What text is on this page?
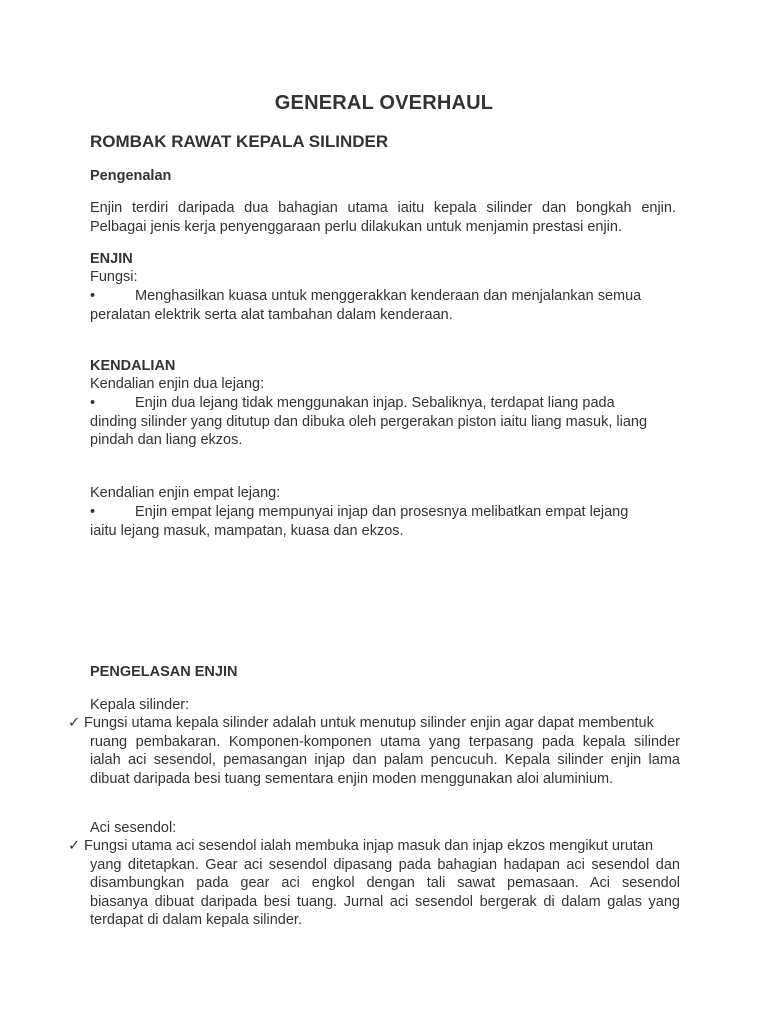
GENERAL OVERHAUL
ROMBAK RAWAT KEPALA SILINDER
Pengenalan
Enjin terdiri daripada dua bahagian utama iaitu kepala silinder dan bongkah enjin.
Pelbagai jenis kerja penyenggaraan perlu dilakukan untuk menjamin prestasi enjin.
ENJIN
Fungsi:
•	Menghasilkan kuasa untuk menggerakkan kenderaan dan menjalankan semua
peralatan elektrik serta alat tambahan dalam kenderaan.
KENDALIAN
Kendalian enjin dua lejang:
•	Enjin dua lejang tidak menggunakan injap. Sebaliknya, terdapat liang pada
dinding silinder yang ditutup dan dibuka oleh pergerakan piston iaitu liang masuk, liang
pindah dan liang ekzos.
Kendalian enjin empat lejang:
•	Enjin empat lejang mempunyai injap dan prosesnya melibatkan empat lejang
iaitu lejang masuk, mampatan, kuasa dan ekzos.
PENGELASAN ENJIN
Kepala silinder:
✓ Fungsi utama kepala silinder adalah untuk menutup silinder enjin agar dapat membentuk
ruang pembakaran. Komponen-komponen utama yang terpasang pada kepala silinder
ialah aci sesendol, pemasangan injap dan palam pencucuh. Kepala silinder enjin lama
dibuat daripada besi tuang sementara enjin moden menggunakan aloi aluminium.
Aci sesendol:
✓ Fungsi utama aci sesendol ialah membuka injap masuk dan injap ekzos mengikut urutan
yang ditetapkan. Gear aci sesendol dipasang pada bahagian hadapan aci sesendol dan
disambungkan pada gear aci engkol dengan tali sawat pemasaan. Aci sesendol
biasanya dibuat daripada besi tuang. Jurnal aci sesendol bergerak di dalam galas yang
terdapat di dalam kepala silinder.
